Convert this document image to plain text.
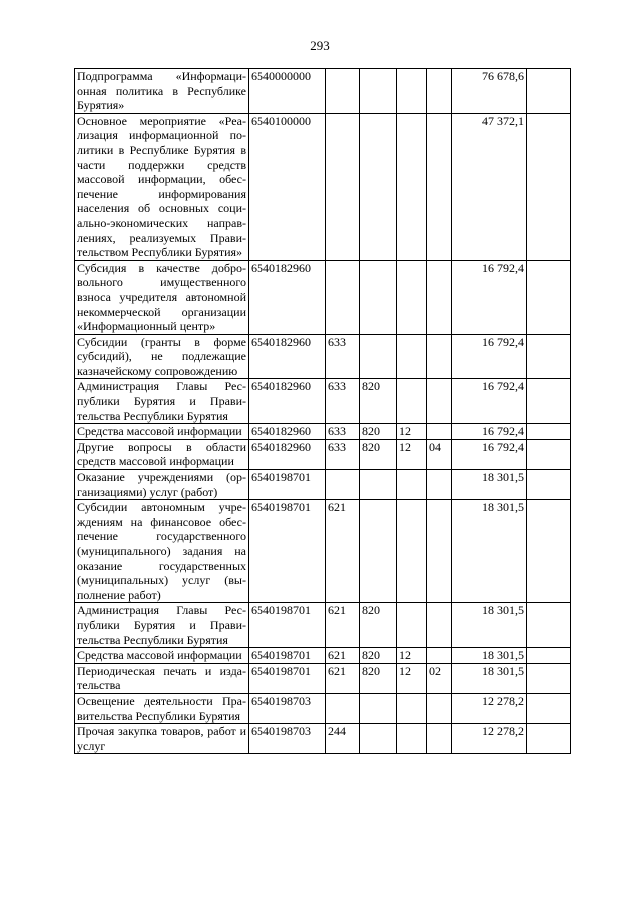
293
Подпрограмма «Информационная политика в Республике Бурятия»	6540000000					76 678,6	
Основное мероприятие «Реализация информационной политики в Республике Бурятия в части поддержки средств массовой информации, обеспечение информирования населения об основных социально-экономических направлениях, реализуемых Правительством Республики Бурятия»	6540100000					47 372,1	
Субсидия в качестве добровольного имущественного взноса учредителя автономной некоммерческой организации «Информационный центр»	6540182960					16 792,4	
Субсидии (гранты в форме субсидий), не подлежащие казначейскому сопровождению	6540182960	633				16 792,4	
Администрация Главы Республики Бурятия и Правительства Республики Бурятия	6540182960	633	820			16 792,4	
Средства массовой информации	6540182960	633	820	12		16 792,4	
Другие вопросы в области средств массовой информации	6540182960	633	820	12	04	16 792,4	
Оказание учреждениями (организациями) услуг (работ)	6540198701					18 301,5	
Субсидии автономным учреждениям на финансовое обеспечение государственного (муниципального) задания на оказание государственных (муниципальных) услуг (выполнение работ)	6540198701	621				18 301,5	
Администрация Главы Республики Бурятия и Правительства Республики Бурятия	6540198701	621	820			18 301,5	
Средства массовой информации	6540198701	621	820	12		18 301,5	
Периодическая печать и издательства	6540198701	621	820	12	02	18 301,5	
Освещение деятельности Правительства Республики Бурятия	6540198703					12 278,2	
Прочая закупка товаров, работ и услуг	6540198703	244				12 278,2	
